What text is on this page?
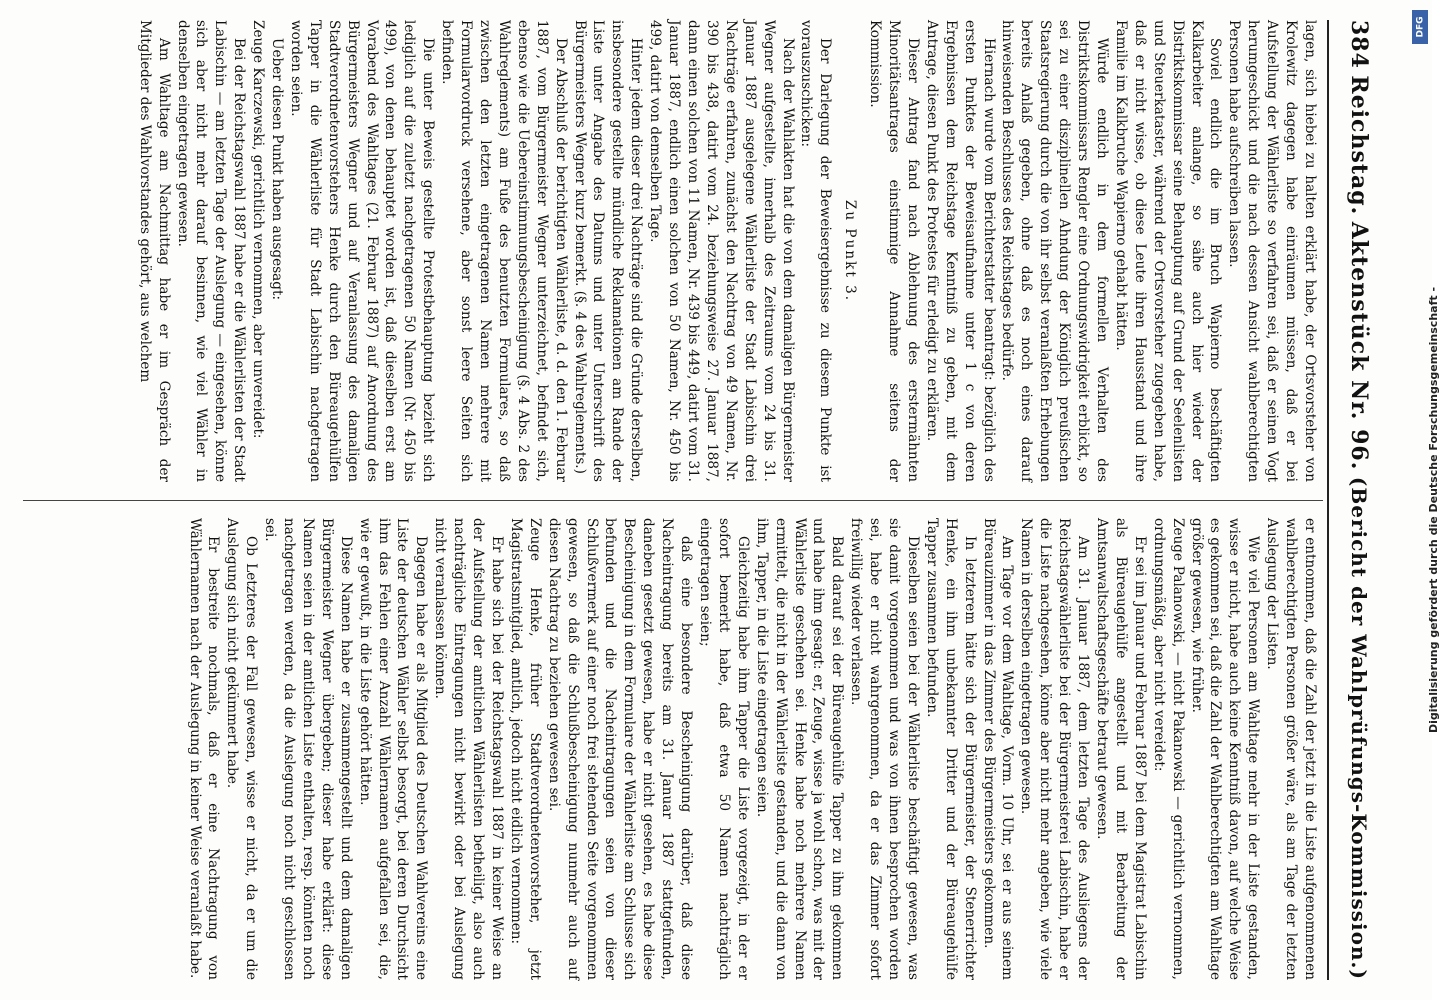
384
Reichstag.
Aktenstück Nr. 96.
(Bericht der Wahlprüfungs-Kommission.)

lagen, sich hiebei zu halten erklärt habe, der Ortsvorsteher von Krolewitz dagegen habe einräumen müssen, daß er bei Aufstellung der Wählerliste so verfahren sei, daß er seinen Vogt herumgeschickt und die nach dessen Ansicht wahlberechtigten Personen habe aufschreiben lassen.

Soviel endlich die im Bruch Wapierno beschäftigten Kalkarbeiter anlange, so sähe auch hier wieder der Distriktskommissar seine Behauptung auf Grund der Seelenlisten und Steuerkataster, während der Ortsvorsteher zugegeben habe, daß er nicht wisse, ob diese Leute ihren Hausstand und ihre Familie im Kalkbruche Wapierno gehabt hätten.

Würde endlich in dem formellen Verhalten des Distriktskommissars Rengler eine Ordnungswidrigkeit erblickt, so sei zu einer disziplinellen Ahndung der Königlich preußischen Staatsregierung durch die von ihr selbst veranlaßten Erhebungen bereits Anlaß gegeben, ohne daß es noch eines darauf hinweisenden Beschlusses des Reichstages bedürfe.

Hiernach wurde vom Berichterstatter beantragt: bezüglich des ersten Punktes der Beweisaufnahme unter 1 c von deren Ergebnissen dem Reichstage Kenntniß zu geben, mit dem Antrage, diesen Punkt des Protestes für erledigt zu erklären.

Dieser Antrag fand nach Ablehnung des erstermähnten Minoritätsantrages einstimmige Annahme seitens der Kommission.

Zu Punkt 3.

Der Darlegung der Beweisergebnisse zu diesem Punkte ist vorauszuschicken:

Nach der Wahlakten hat die von dem damaligen Bürgermeister Wegner aufgestellte, innerhalb des Zeitraums vom 24 bis 31. Januar 1887 ausgelegene Wählerliste der Stadt Labischin drei Nachträge erfahren, zunächst den Nachtrag von 49 Namen, Nr. 390 bis 438, datirt vom 24. beziehungsweise 27. Januar 1887, dann einen solchen von 11 Namen, Nr. 439 bis 449, datirt vom 31. Januar 1887, endlich einen solchen von 50 Namen, Nr. 450 bis 499, datirt von demselben Tage.

Hinter jedem dieser drei Nachträge sind die Gründe derselben, insbesondere gestellte mündliche Reklamationen am Rande der Liste unter Angabe des Datums und unter Unterschrift des Bürgermeisters Wegner kurz bemerkt. (§. 4 des Wahlreglements.)

Der Abschluß der berichtigten Wählerliste, d. d. den 1. Februar 1887, vom Bürgermeister Wegner unterzeichnet, befindet sich, ebenso wie die Uebereinstimmungsbescheinigung (§. 4 Abs. 2 des Wahlreglements) am Fuße des benutzten Formulares, so daß zwischen den letzten eingetragenen Namen mehrere mit Formularvordruck versehene, aber sonst leere Seiten sich befinden.

Die unter Beweis gestellte Protestbehauptung bezieht sich lediglich auf die zuletzt nachgetragenen 50 Namen (Nr. 450 bis 499), von denen behauptet worden ist, daß dieselben erst am Vorabend des Wahltages (21. Februar 1887) auf Anordnung des Bürgermeisters Wegner und auf Veranlassung des damaligen Stadtverordnetenvorstehers Henke durch den Büreaugehülfen Tapper in die Wählerliste für Stadt Labischin nachgetragen worden seien.

Ueber diesen Punkt haben ausgesagt:

Zeuge Karczewski, gerichtlich vernommen, aber unvereidet:

Bei der Reichstagswahl 1887 habe er die Wählerlisten der Stadt Labischin — am letzten Tage der Auslegung — eingesehen, könne sich aber nicht mehr darauf besinnen, wie viel Wähler in denselben eingetragen gewesen.

Am Wahltage am Nachmittag habe er im Gespräch der Mitglieder des Wahlvorstandes gehört, aus welchem

er entnommen, daß die Zahl der jetzt in die Liste aufgenommenen wahlberechtigten Personen größer wäre, als am Tage der letzten Auslegung der Listen.

Wie viel Personen am Wahltage mehr in der Liste gestanden, wisse er nicht, habe auch keine Kenntniß davon, auf welche Weise es gekommen sei, daß die Zahl der Wahlberechtigten am Wahltage größer gewesen, wie früher.

Zeuge Palanowski, — nicht Pakanowski — gerichtlich vernommen, ordnungsmäßig, aber nicht vereidet:

Er sei im Januar und Februar 1887 bei dem Magistrat Labischin als Büreaugehülfe angestellt und mit Bearbeitung der Amtsanwaltschaftsgeschäfte betraut gewesen.

Am 31. Januar 1887, dem letzten Tage des Ausliegens der Reichstagswählerliste bei der Bürgermeisterei Labischin, habe er die Liste nachgesehen, könne aber nicht mehr angeben, wie viele Namen in derselben eingetragen gewesen.

Am Tage vor dem Wahltage, Vorm. 10 Uhr, sei er aus seinem Büreauzimmer in das Zimmer des Bürgermeisters gekommen.

In letzterem hätte sich der Bürgermeister, der Stenerrichter Henke, ein ihm unbekannter Dritter und der Büreaugehülfe Tapper zusammen befunden.

Dieselben seien bei der Wählerliste beschäftigt gewesen, was sie damit vorgenommen und was von ihnen besprochen worden sei, habe er nicht wahrgenommen, da er das Zimmer sofort freiwillig wieder verlassen.

Bald darauf sei der Büreaugehülfe Tapper zu ihm gekommen und habe ihm gesagt: er, Zeuge, wisse ja wohl schon, was mit der Wählerliste geschehen sei. Henke habe noch mehrere Namen ermittelt, die nicht in der Wählerliste gestanden, und die dann von ihm, Tapper, in die Liste eingetragen seien.

Gleichzeitig habe ihm Tapper die Liste vorgezeigt, in der er sofort bemerkt habe, daß etwa 50 Namen nachträglich eingetragen seien;

daß eine besondere Bescheinigung darüber, daß diese Nacheintragung bereits am 31. Januar 1887 stattgefunden, daneben gesetzt gewesen, habe er nicht gesehen, es habe diese Bescheinigung in dem Formulare der Wählerliste am Schlusse sich befunden und die Nacheintragungen seien von dieser Schlußvermerk auf einer noch frei stehenden Seite vorgenommen gewesen, so daß die Schlußbescheinigung nunmehr auch auf diesen Nachtrag zu beziehen gewesen sei.

Zeuge Henke, früher Stadtverordnetenvorsteher, jetzt Magistratsmitglied, amtlich, jedoch nicht eidlich vernommen:

Er habe sich bei der Reichstagswahl 1887 in keiner Weise an der Aufstellung der amtlichen Wählerlisten betheiligt, also auch nachträgliche Eintragungen nicht bewirkt oder bei Auslegung nicht veranlassen können.

Dagegen habe er als Mitglied des Deutschen Wahlvereins eine Liste der deutschen Wähler selbst besorgt, bei deren Durchsicht ihm das Fehlen einer Anzahl Wählernamen aufgefallen sei, die, wie er gewußt, in die Liste gehört hätten.

Diese Namen habe er zusammengestellt und dem damaligen Bürgermeister Wegner übergeben; dieser habe erklärt: diese Namen seien in der amtlichen Liste enthalten, resp. könnten noch nachgetragen werden, da die Auslegung noch nicht geschlossen sei.

Ob Letzteres der Fall gewesen, wisse er nicht, da er um die Auslegung sich nicht gekümmert habe.

Er bestreite nochmals, daß er eine Nachtragung von Wählernamen nach der Auslegung in keiner Weise veranlaßt habe.

Digitalisierung gefördert durch die Deutsche Forschungsgemeinschaft -
DFG
